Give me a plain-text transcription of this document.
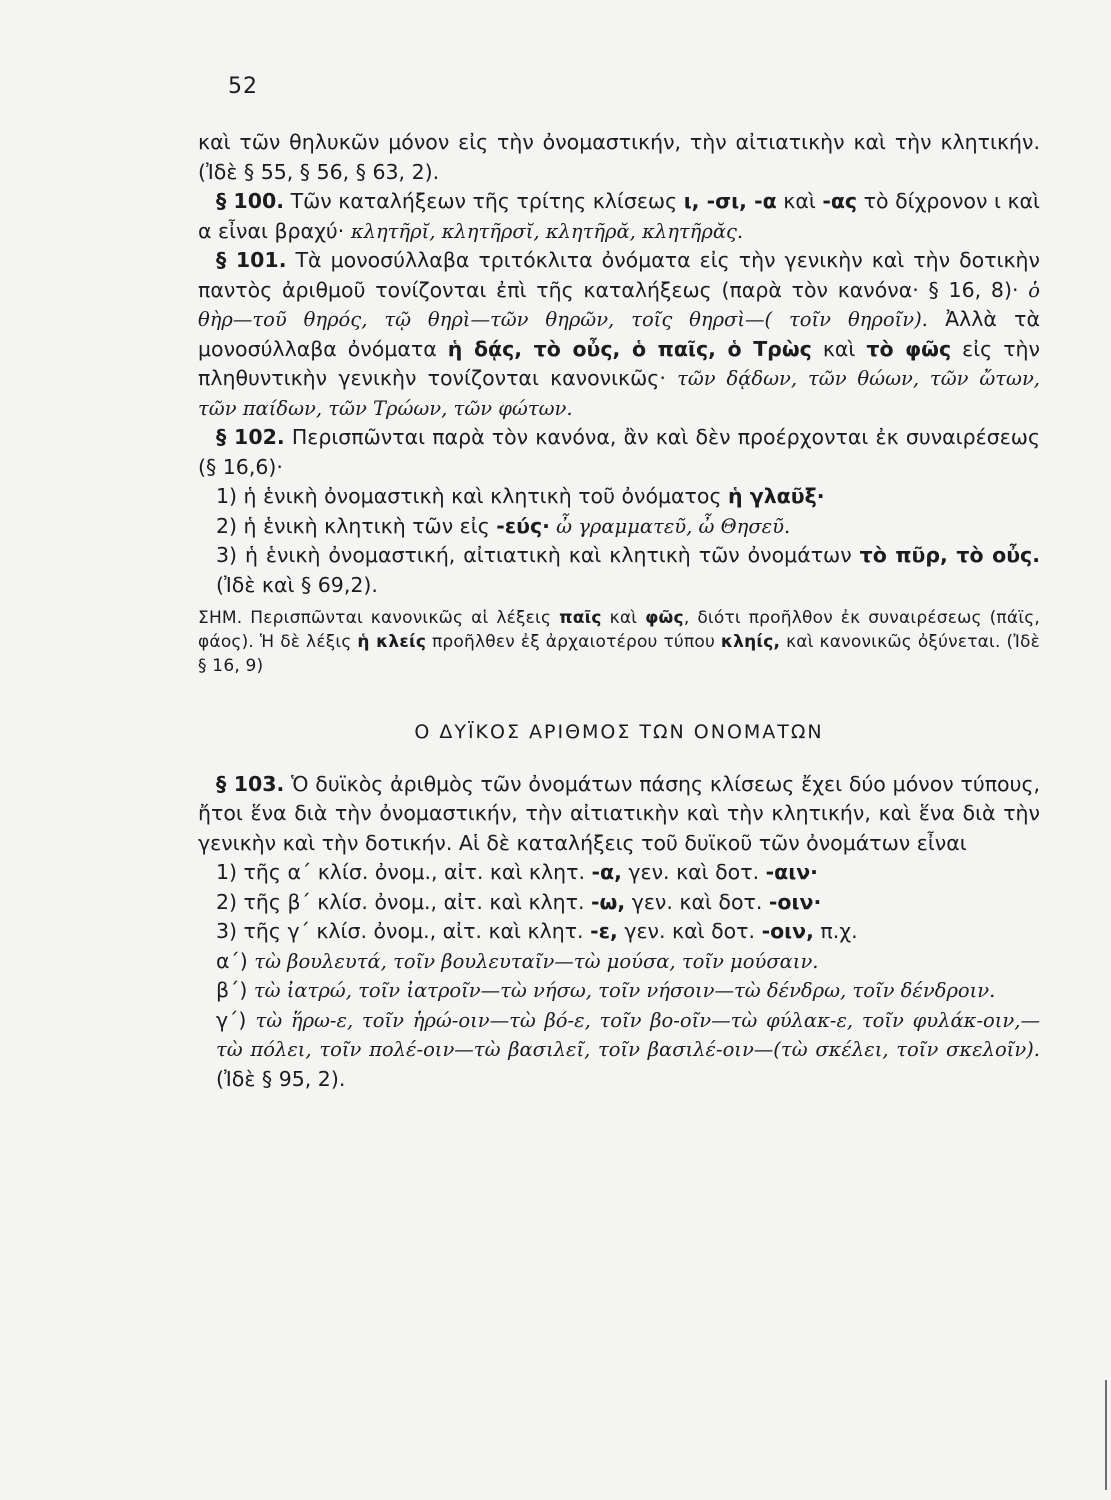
52

καὶ τῶν θηλυκῶν μόνον εἰς τὴν ὀνομαστικήν, τὴν αἰτιατικὴν καὶ τὴν κλητικήν. (Ἰδὲ § 55, § 56, § 63, 2).

§ 100. Τῶν καταλήξεων τῆς τρίτης κλίσεως ι, -σι, -α καὶ -ας τὸ δίχρονον ι καὶ α εἶναι βραχύ· κλητῆρῐ, κλητῆρσῐ, κλητῆρᾰ, κλητῆρᾰς.

§ 101. Τὰ μονοσύλλαβα τριτόκλιτα ὀνόματα εἰς τὴν γενικὴν καὶ τὴν δοτικὴν παντὸς ἀριθμοῦ τονίζονται ἐπὶ τῆς καταλήξεως (παρὰ τὸν κανόνα· § 16, 8)· ὁ θὴρ—τοῦ θηρός, τῷ θηρὶ—τῶν θηρῶν, τοῖς θηρσὶ—( τοῖν θηροῖν). Ἀλλὰ τὰ μονοσύλλαβα ὀνόματα ἡ δᾴς, τὸ οὖς, ὁ παῖς, ὁ Τρὼς καὶ τὸ φῶς εἰς τὴν πληθυντικὴν γενικὴν τονίζονται κανονικῶς· τῶν δᾴδων, τῶν θώων, τῶν ὤτων, τῶν παίδων, τῶν Τρώων, τῶν φώτων.

§ 102. Περισπῶνται παρὰ τὸν κανόνα, ἂν καὶ δὲν προέρχονται ἐκ συναιρέσεως (§ 16,6)·

1) ἡ ἑνικὴ ὀνομαστικὴ καὶ κλητικὴ τοῦ ὀνόματος ἡ γλαῦξ·

2) ἡ ἑνικὴ κλητικὴ τῶν εἰς -εύς· ὦ γραμματεῦ, ὦ Θησεῦ.

3) ἡ ἑνικὴ ὀνομαστική, αἰτιατικὴ καὶ κλητικὴ τῶν ὀνομάτων τὸ πῦρ, τὸ οὖς. (Ἰδὲ καὶ § 69,2).

ΣΗΜ. Περισπῶνται κανονικῶς αἱ λέξεις παῖς καὶ φῶς, διότι προῆλθον ἐκ συναιρέσεως (πάϊς, φάος). Ἡ δὲ λέξις ἡ κλείς προῆλθεν ἐξ ἀρχαιοτέρου τύπου κληίς, καὶ κανονικῶς ὀξύνεται. (Ἰδὲ § 16, 9)

Ο ΔΥΪΚΟΣ ΑΡΙΘΜΟΣ ΤΩΝ ΟΝΟΜΑΤΩΝ

§ 103. Ὁ δυϊκὸς ἀριθμὸς τῶν ὀνομάτων πάσης κλίσεως ἔχει δύο μόνον τύπους, ἤτοι ἕνα διὰ τὴν ὀνομαστικήν, τὴν αἰτιατικὴν καὶ τὴν κλητικήν, καὶ ἕνα διὰ τὴν γενικὴν καὶ τὴν δοτικήν. Αἱ δὲ καταλήξεις τοῦ δυϊκοῦ τῶν ὀνομάτων εἶναι

1) τῆς α΄ κλίσ. ὀνομ., αἰτ. καὶ κλητ. -α, γεν. καὶ δοτ. -αιν·

2) τῆς β΄ κλίσ. ὀνομ., αἰτ. καὶ κλητ. -ω, γεν. καὶ δοτ. -οιν·

3) τῆς γ΄ κλίσ. ὀνομ., αἰτ. καὶ κλητ. -ε, γεν. καὶ δοτ. -οιν, π.χ.

α΄) τὼ βουλευτά, τοῖν βουλευταῖν—τὼ μούσα, τοῖν μούσαιν.

β΄) τὼ ἰατρώ, τοῖν ἰατροῖν—τὼ νήσω, τοῖν νήσοιν—τὼ δένδρω, τοῖν δένδροιν.

γ΄) τὼ ἥρω-ε, τοῖν ἡρώ-οιν—τὼ βό-ε, τοῖν βο-οῖν—τὼ φύλακ-ε, τοῖν φυλάκ-οιν,—τὼ πόλει, τοῖν πολέ-οιν—τὼ βασιλεῖ, τοῖν βασιλέ-οιν—(τὼ σκέλει, τοῖν σκελοῖν). (Ἰδὲ § 95, 2).
